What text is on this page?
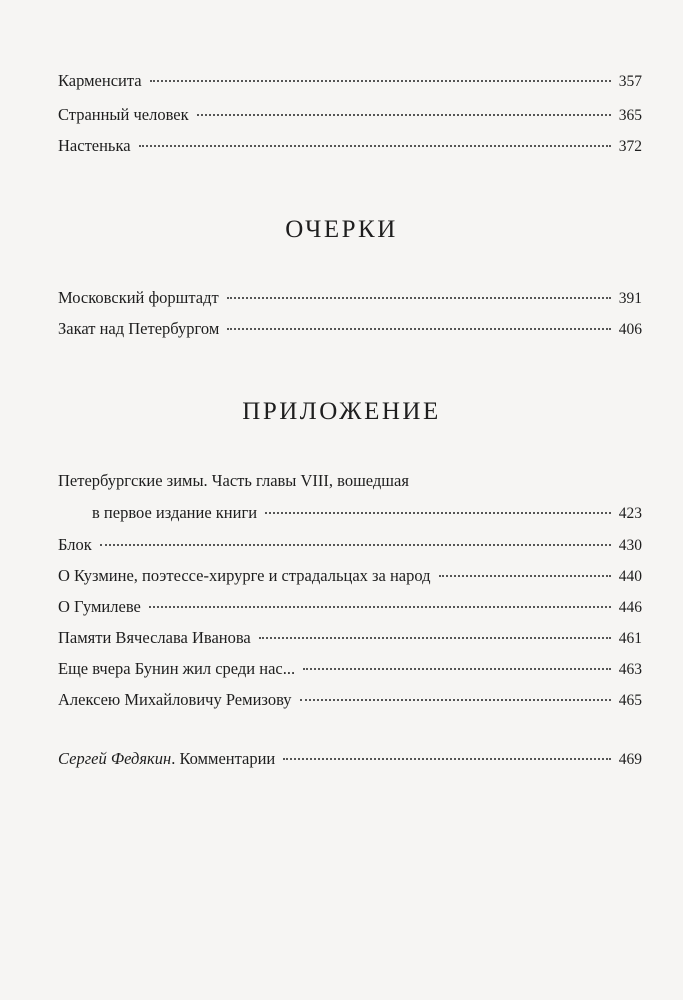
Карменсита	357
Странный человек	365
Настенька	372
ОЧЕРКИ
Московский форштадт	391
Закат над Петербургом	406
ПРИЛОЖЕНИЕ
Петербургские зимы. Часть главы VIII, вошедшая
в первое издание книги	423
Блок	430
О Кузмине, поэтессе-хирурге и страдальцах за народ	440
О Гумилеве	446
Памяти Вячеслава Иванова	461
Еще вчера Бунин жил среди нас...	463
Алексею Михайловичу Ремизову	465
Сергей Федякин. Комментарии	469
